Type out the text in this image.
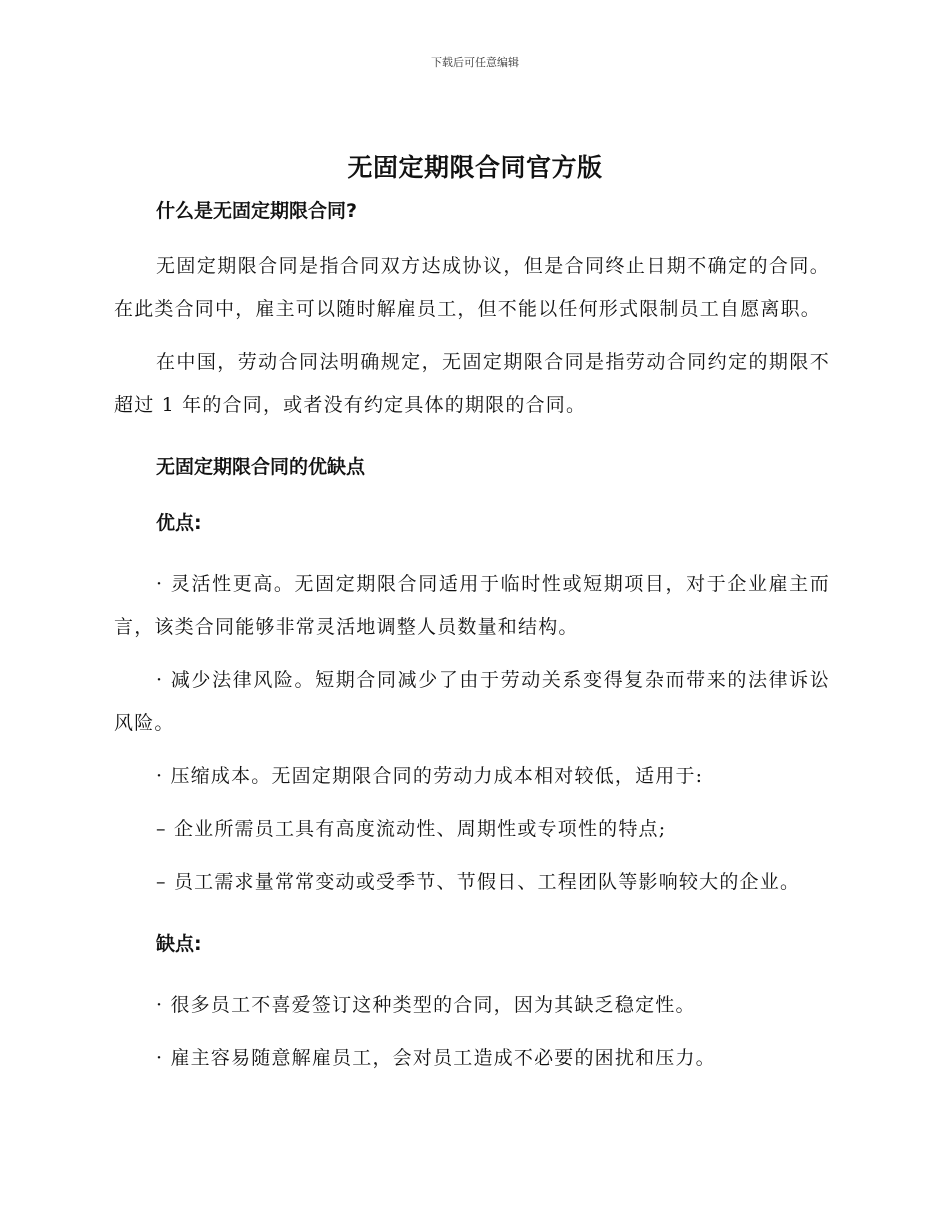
下载后可任意编辑
无固定期限合同官方版

什么是无固定期限合同?

无固定期限合同是指合同双方达成协议，但是合同终止日期不确定的合同。在此类合同中，雇主可以随时解雇员工，但不能以任何形式限制员工自愿离职。

在中国，劳动合同法明确规定，无固定期限合同是指劳动合同约定的期限不超过 1 年的合同，或者没有约定具体的期限的合同。

无固定期限合同的优缺点

优点:

· 灵活性更高。无固定期限合同适用于临时性或短期项目，对于企业雇主而言，该类合同能够非常灵活地调整人员数量和结构。

· 减少法律风险。短期合同减少了由于劳动关系变得复杂而带来的法律诉讼风险。

· 压缩成本。无固定期限合同的劳动力成本相对较低，适用于:

– 企业所需员工具有高度流动性、周期性或专项性的特点;

– 员工需求量常常变动或受季节、节假日、工程团队等影响较大的企业。

缺点:

· 很多员工不喜爱签订这种类型的合同，因为其缺乏稳定性。

· 雇主容易随意解雇员工，会对员工造成不必要的困扰和压力。
